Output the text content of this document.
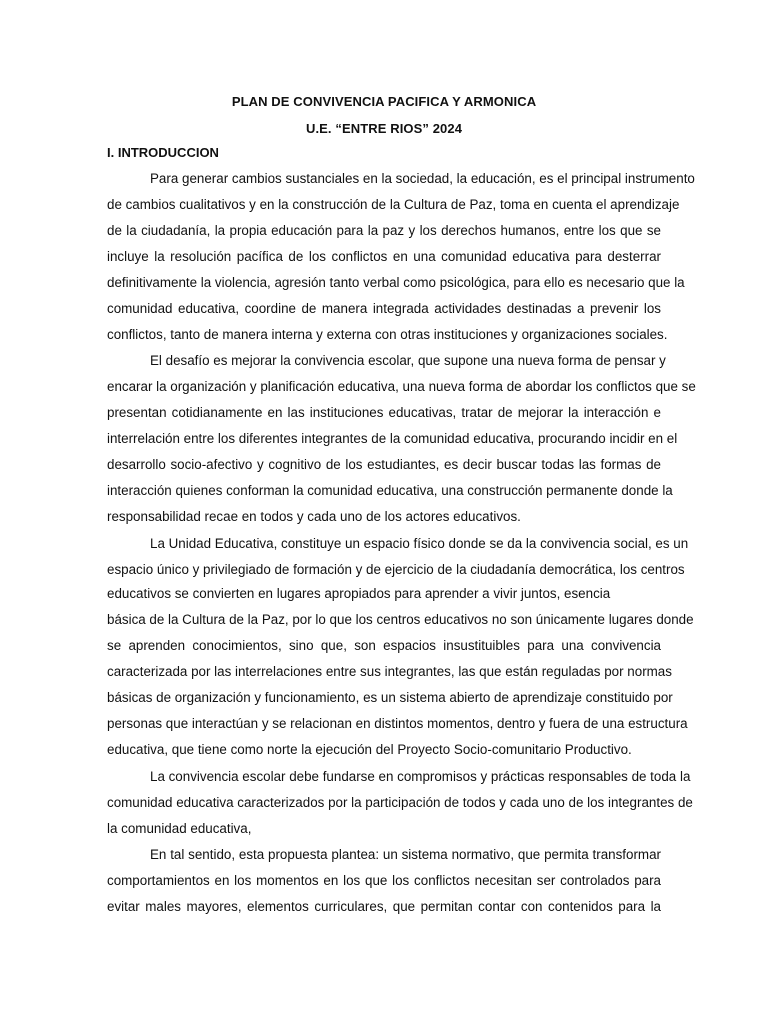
PLAN DE CONVIVENCIA PACIFICA Y ARMONICA
U.E. “ENTRE RIOS” 2024
I. INTRODUCCION
Para generar cambios sustanciales en la sociedad, la educación, es el principal instrumento
de cambios cualitativos y en la construcción de la Cultura de Paz, toma en cuenta el aprendizaje
de la ciudadanía, la propia educación para la paz y los derechos humanos, entre los que se
incluye la resolución pacífica de los conflictos en una comunidad educativa para desterrar
definitivamente la violencia, agresión tanto verbal como psicológica, para ello es necesario que la
comunidad educativa, coordine de manera integrada actividades destinadas a prevenir los
conflictos, tanto de manera interna y externa con otras instituciones y organizaciones sociales.
El desafío es mejorar la convivencia escolar, que supone una nueva forma de pensar y
encarar la organización y planificación educativa, una nueva forma de abordar los conflictos que se
presentan cotidianamente en las instituciones educativas, tratar de mejorar la interacción e
interrelación entre los diferentes integrantes de la comunidad educativa, procurando incidir en el
desarrollo socio-afectivo y cognitivo de los estudiantes, es decir buscar todas las formas de
interacción quienes conforman la comunidad educativa, una construcción permanente donde la
responsabilidad recae en todos y cada uno de los actores educativos.
La Unidad Educativa, constituye un espacio físico donde se da la convivencia social, es un
espacio único y privilegiado de formación y de ejercicio de la ciudadanía democrática, los centros
educativos se convierten en lugares apropiados para aprender a vivir juntos, esencia
básica de la Cultura de la Paz, por lo que los centros educativos no son únicamente lugares donde
se aprenden conocimientos, sino que, son espacios insustituibles para una convivencia
caracterizada por las interrelaciones entre sus integrantes, las que están reguladas por normas
básicas de organización y funcionamiento, es un sistema abierto de aprendizaje constituido por
personas que interactúan y se relacionan en distintos momentos, dentro y fuera de una estructura
educativa, que tiene como norte la ejecución del Proyecto Socio-comunitario Productivo.
La convivencia escolar debe fundarse en compromisos y prácticas responsables de toda la
comunidad educativa caracterizados por la participación de todos y cada uno de los integrantes de
la comunidad educativa,
En tal sentido, esta propuesta plantea: un sistema normativo, que permita transformar
comportamientos en los momentos en los que los conflictos necesitan ser controlados para
evitar males mayores, elementos curriculares, que permitan contar con contenidos para la
